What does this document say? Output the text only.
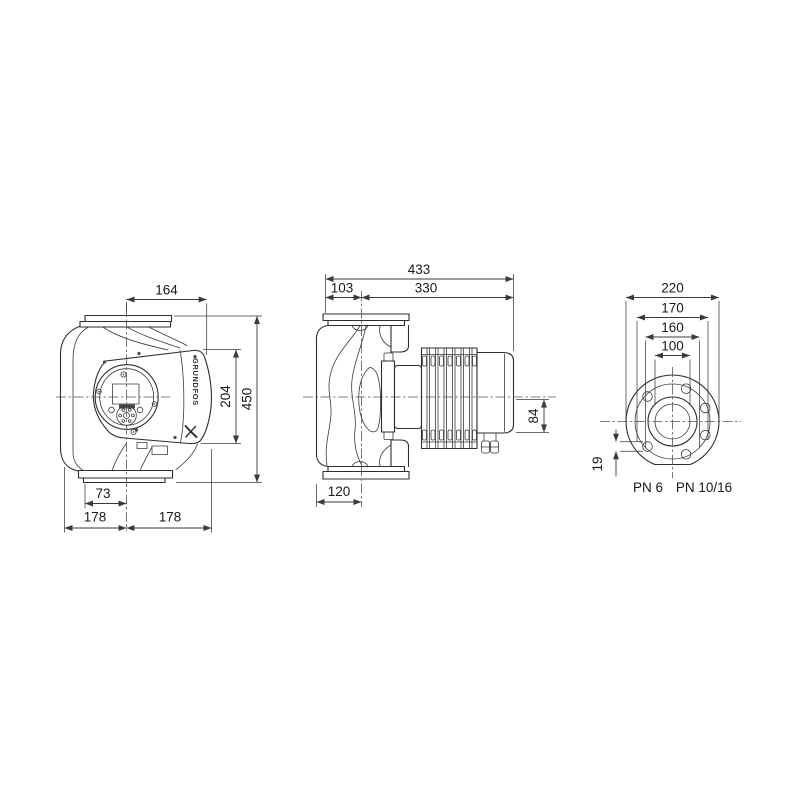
GRUNDFOS
164
450
204
73
178	178
433
103	330
84
120
220
170
160
100
19
PN 6 PN 10/16
